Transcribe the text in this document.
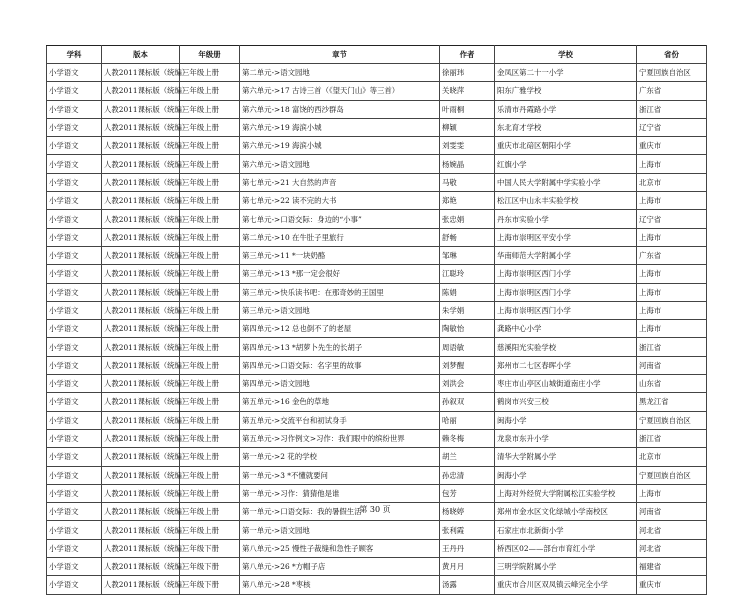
学科	版本	年级册	章节	作者	学校	省份
小学语文	人教2011课标版（统编）	三年级上册	第二单元->语文园地	徐丽玮	金凤区第二十一小学	宁夏回族自治区
小学语文	人教2011课标版（统编）	三年级上册	第六单元->17 古诗三首（《望天门山》等三首）	关晓萍	阳东广雅学校	广东省
小学语文	人教2011课标版（统编）	三年级上册	第六单元->18 富饶的西沙群岛	叶雨桐	乐清市丹霞路小学	浙江省
小学语文	人教2011课标版（统编）	三年级上册	第六单元->19 海滨小城	柳颖	东北育才学校	辽宁省
小学语文	人教2011课标版（统编）	三年级上册	第六单元->19 海滨小城	刘雯雯	重庆市北碚区朝阳小学	重庆市
小学语文	人教2011课标版（统编）	三年级上册	第六单元->语文园地	杨婉晶	红旗小学	上海市
小学语文	人教2011课标版（统编）	三年级上册	第七单元->21 大自然的声音	马敬	中国人民大学附属中学实验小学	北京市
小学语文	人教2011课标版（统编）	三年级上册	第七单元->22 读不完的大书	郑艳	松江区中山永丰实验学校	上海市
小学语文	人教2011课标版（统编）	三年级上册	第七单元->口语交际：身边的“小事”	张忠娟	丹东市实验小学	辽宁省
小学语文	人教2011课标版（统编）	三年级上册	第二单元->10 在牛肚子里旅行	舒畅	上海市崇明区平安小学	上海市
小学语文	人教2011课标版（统编）	三年级上册	第三单元->11 *一块奶酪	邹琳	华南师范大学附属小学	广东省
小学语文	人教2011课标版（统编）	三年级上册	第三单元->13 *那一定会很好	江聪玲	上海市崇明区西门小学	上海市
小学语文	人教2011课标版（统编）	三年级上册	第三单元->快乐读书吧：在那奇妙的王国里	陈娟	上海市崇明区西门小学	上海市
小学语文	人教2011课标版（统编）	三年级上册	第三单元->语文园地	朱学娟	上海市崇明区西门小学	上海市
小学语文	人教2011课标版（统编）	三年级上册	第四单元->12 总也倒不了的老屋	陶敏怡	龚路中心小学	上海市
小学语文	人教2011课标版（统编）	三年级上册	第四单元->13 *胡萝卜先生的长胡子	周语敏	慈溪阳光实验学校	浙江省
小学语文	人教2011课标版（统编）	三年级上册	第四单元->口语交际：名字里的故事	刘梦醒	郑州市二七区春晖小学	河南省
小学语文	人教2011课标版（统编）	三年级上册	第四单元->语文园地	刘洪会	枣庄市山亭区山城街道南庄小学	山东省
小学语文	人教2011课标版（统编）	三年级上册	第五单元->16 金色的草地	孙叙双	鹤岗市兴安三校	黑龙江省
小学语文	人教2011课标版（统编）	三年级上册	第五单元->交流平台和初试身手	哈丽	闽海小学	宁夏回族自治区
小学语文	人教2011课标版（统编）	三年级上册	第五单元->习作例文>习作：我们眼中的缤纷世界	赖冬梅	龙泉市东升小学	浙江省
小学语文	人教2011课标版（统编）	三年级上册	第一单元->2 花的学校	胡兰	清华大学附属小学	北京市
小学语文	人教2011课标版（统编）	三年级上册	第一单元->3 *不懂就要问	孙忠清	闽海小学	宁夏回族自治区
小学语文	人教2011课标版（统编）	三年级上册	第一单元->习作：猜猜他是谁	包芳	上海对外经贸大学附属松江实验学校	上海市
小学语文	人教2011课标版（统编）	三年级上册	第一单元->口语交际：我的暑假生活	杨晓婷	郑州市金水区文化绿城小学南校区	河南省
小学语文	人教2011课标版（统编）	三年级上册	第一单元->语文园地	张利霞	石家庄市北新街小学	河北省
小学语文	人教2011课标版（统编）	三年级下册	第八单元->25 慢性子裁缝和急性子顾客	王丹丹	桥西区02——部台市育红小学	河北省
小学语文	人教2011课标版（统编）	三年级下册	第八单元->26 *方帽子店	黄月月	三明学院附属小学	福建省
小学语文	人教2011课标版（统编）	三年级下册	第八单元->28 *枣核	汤露	重庆市合川区双凤镇云峰完全小学	重庆市
第 30 页
